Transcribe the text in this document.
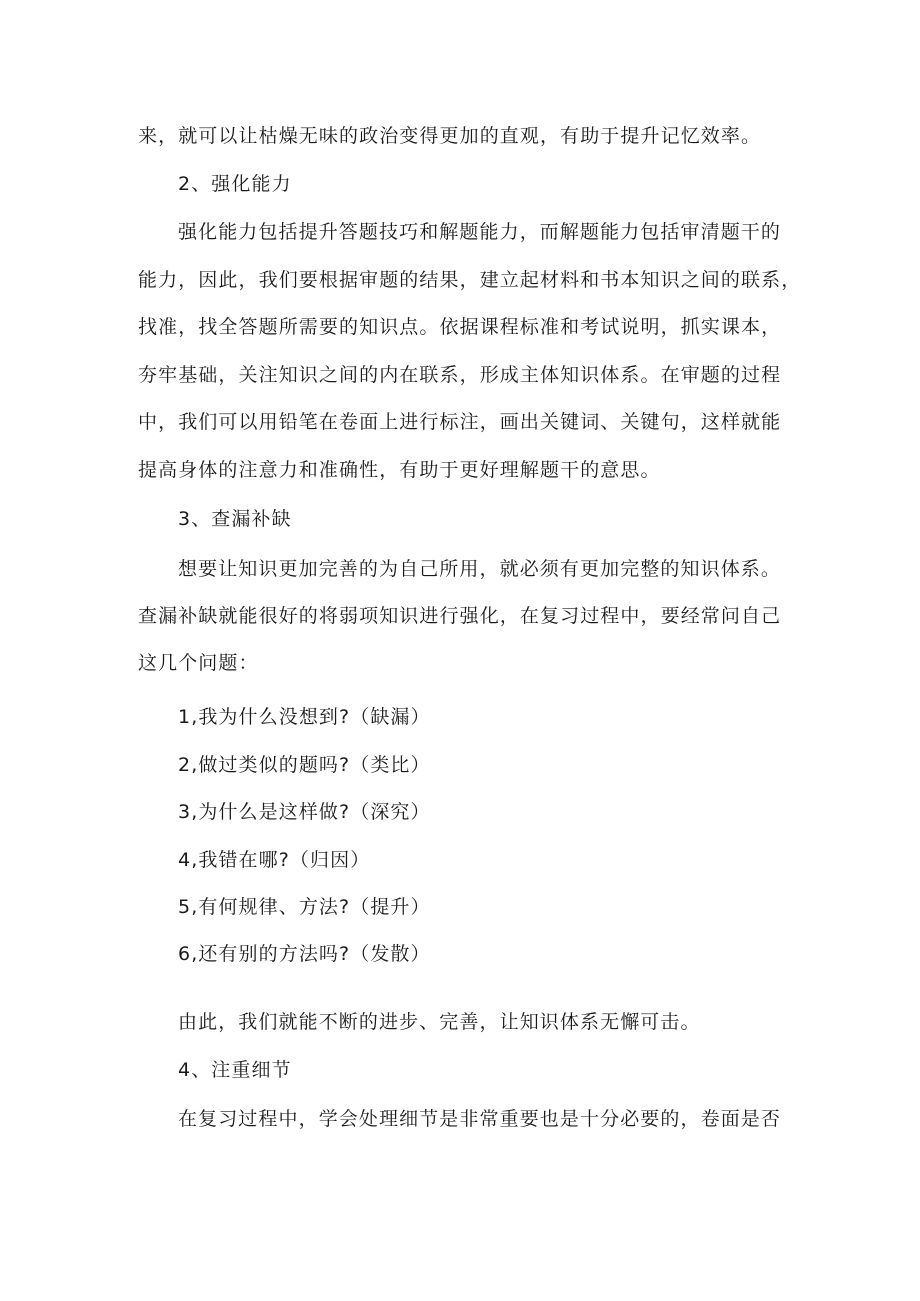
来，就可以让枯燥无味的政治变得更加的直观，有助于提升记忆效率。
2、强化能力
强化能力包括提升答题技巧和解题能力，而解题能力包括审清题干的
能力，因此，我们要根据审题的结果，建立起材料和书本知识之间的联系，
找准，找全答题所需要的知识点。依据课程标准和考试说明，抓实课本，
夯牢基础，关注知识之间的内在联系，形成主体知识体系。在审题的过程
中，我们可以用铅笔在卷面上进行标注，画出关键词、关键句，这样就能
提高身体的注意力和准确性，有助于更好理解题干的意思。
3、查漏补缺
想要让知识更加完善的为自己所用，就必须有更加完整的知识体系。
查漏补缺就能很好的将弱项知识进行强化，在复习过程中，要经常问自己
这几个问题：
1,我为什么没想到?（缺漏）
2,做过类似的题吗?（类比）
3,为什么是这样做?（深究）
4,我错在哪?（归因）
5,有何规律、方法?（提升）
6,还有别的方法吗?（发散）
由此，我们就能不断的进步、完善，让知识体系无懈可击。
4、注重细节
在复习过程中，学会处理细节是非常重要也是十分必要的，卷面是否
